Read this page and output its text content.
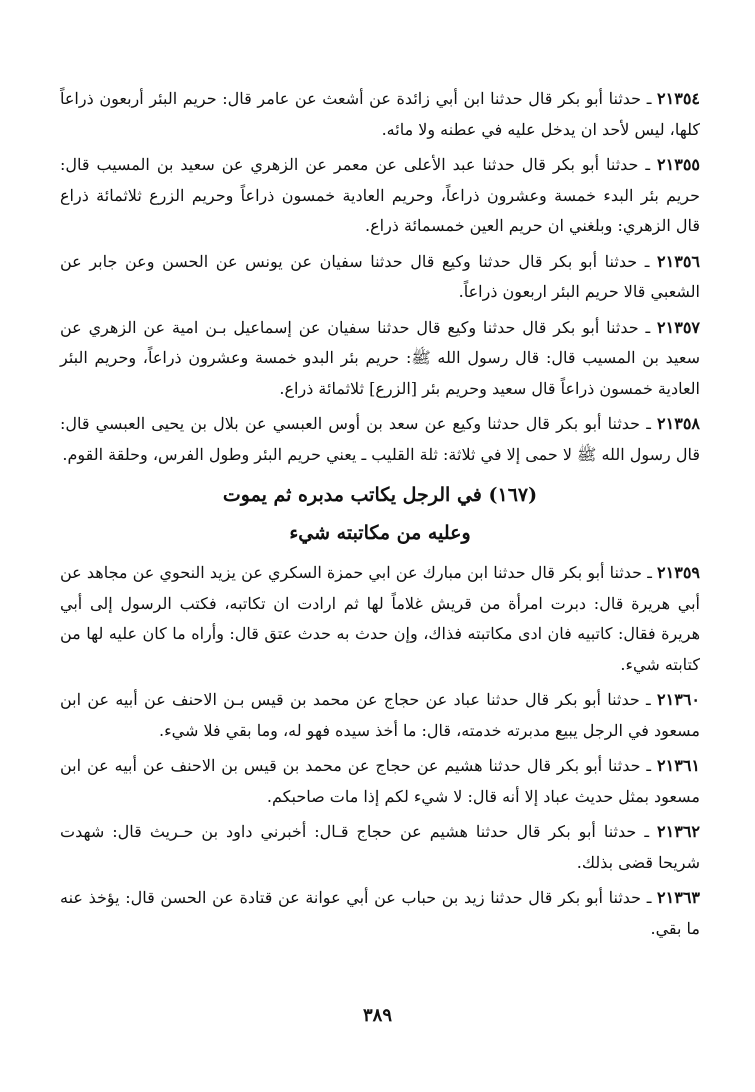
٢١٣٥٤ ـ حدثنا أبو بكر قال حدثنا ابن أبي زائدة عن أشعث عن عامر قال: حريم البئر أربعون ذراعاً كلها، ليس لأحد ان يدخل عليه في عطنه ولا مائه.

٢١٣٥٥ ـ حدثنا أبو بكر قال حدثنا عبد الأعلى عن معمر عن الزهري عن سعيد بن المسيب قال: حريم بئر البدء خمسة وعشرون ذراعاً، وحريم العادية خمسون ذراعاً وحريم الزرع ثلاثمائة ذراع قال الزهري: وبلغني ان حريم العين خمسمائة ذراع.

٢١٣٥٦ ـ حدثنا أبو بكر قال حدثنا وكيع قال حدثنا سفيان عن يونس عن الحسن وعن جابر عن الشعبي قالا حريم البئر اربعون ذراعاً.

٢١٣٥٧ ـ حدثنا أبو بكر قال حدثنا وكيع قال حدثنا سفيان عن إسماعيل بـن امية عن الزهري عن سعيد بن المسيب قال: قال رسول الله ﷺ: حريم بئر البدو خمسة وعشرون ذراعاً، وحريم البئر العادية خمسون ذراعاً قال سعيد وحريم بئر [الزرع] ثلاثمائة ذراع.

٢١٣٥٨ ـ حدثنا أبو بكر قال حدثنا وكيع عن سعد بن أوس العبسي عن بلال بن يحيى العبسي قال: قال رسول الله ﷺ لا حمى إلا في ثلاثة: ثلة القليب ـ يعني حريم البئر وطول الفرس، وحلقة القوم.

(١٦٧) في الرجل يكاتب مدبره ثم يموت

وعليه من مكاتبته شيء

٢١٣٥٩ ـ حدثنا أبو بكر قال حدثنا ابن مبارك عن ابي حمزة السكري عن يزيد النحوي عن مجاهد عن أبي هريرة قال: دبرت امرأة من قريش غلاماً لها ثم ارادت ان تكاتبه، فكتب الرسول إلى أبي هريرة فقال: كاتبيه فان ادى مكاتبته فذاك، وإن حدث به حدث عتق قال: وأراه ما كان عليه لها من كتابته شيء.

٢١٣٦٠ ـ حدثنا أبو بكر قال حدثنا عباد عن حجاج عن محمد بن قيس بـن الاحنف عن أبيه عن ابن مسعود في الرجل يبيع مدبرته خدمته، قال: ما أخذ سيده فهو له، وما بقي فلا شيء.

٢١٣٦١ ـ حدثنا أبو بكر قال حدثنا هشيم عن حجاج عن محمد بن قيس بن الاحنف عن أبيه عن ابن مسعود بمثل حديث عباد إلا أنه قال: لا شيء لكم إذا مات صاحبكم.

٢١٣٦٢ ـ حدثنا أبو بكر قال حدثنا هشيم عن حجاج قـال: أخبرني داود بن حـريث قال: شهدت شريحا قضى بذلك.

٢١٣٦٣ ـ حدثنا أبو بكر قال حدثنا زيد بن حباب عن أبي عوانة عن قتادة عن الحسن قال: يؤخذ عنه ما بقي.

٣٨٩
